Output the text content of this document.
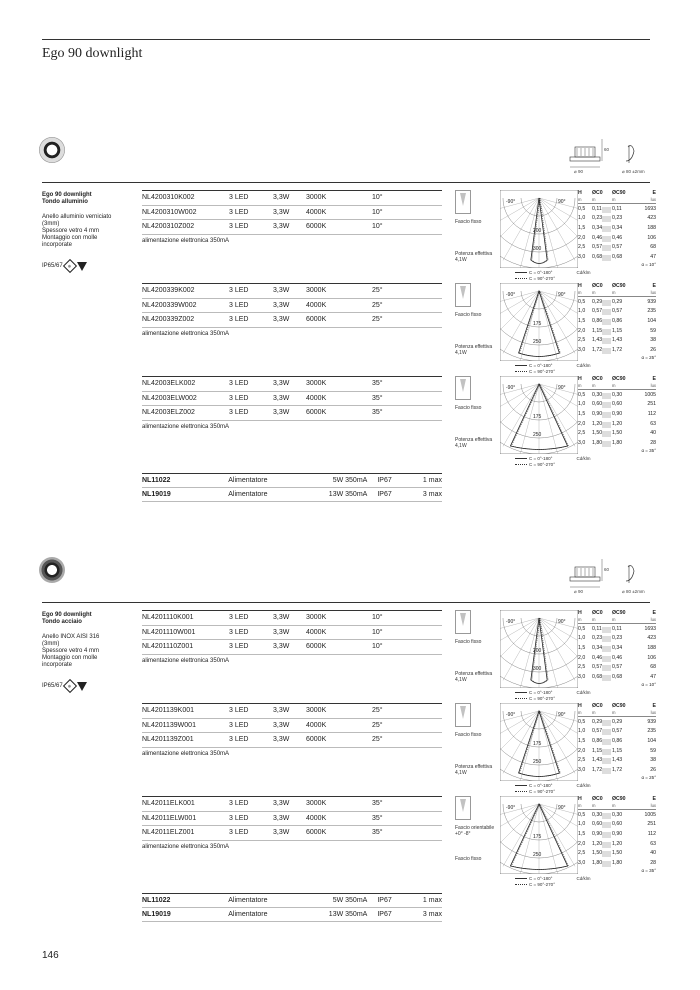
Ego 90 downlight
⌀ 90
60
⌀ 80 ±2mm
Ego 90 downlight
Tondo alluminio
Anello alluminio verniciato
(3mm)
Spessore vetro 4 mm
Montaggio con molle
incorporate
IP65/67 ⊕
NL4200310K002	3 LED	3,3W	3000K	10°
NL4200310W002	3 LED	3,3W	4000K	10°
NL4200310Z002	3 LED	3,3W	6000K	10°
alimentazione elettronica 350mA
Fascio fisso
Potenza effettiva
4,1W
-90°	90°
200
300
C = 0°-180°	Cd/klm
C = 90°-270°
H	ØC0	ØC90	E
m	m	m	lux
0,5	0,11	0,11	1693
1,0	0,23	0,23	423
1,5	0,34	0,34	188
2,0	0,46	0,46	106
2,5	0,57	0,57	68
3,0	0,68	0,68	47
α = 10°
NL4200339K002	3 LED	3,3W	3000K	25°
NL4200339W002	3 LED	3,3W	4000K	25°
NL4200339Z002	3 LED	3,3W	6000K	25°
alimentazione elettronica 350mA
Fascio fisso
Potenza effettiva
4,1W
-90°	90°
175
250
C = 0°-180°	Cd/klm
C = 90°-270°
H	ØC0	ØC90	E
m	m	m	lux
0,5	0,29	0,29	939
1,0	0,57	0,57	235
1,5	0,86	0,86	104
2,0	1,15	1,15	59
2,5	1,43	1,43	38
3,0	1,72	1,72	26
α = 25°
NL42003ELK002	3 LED	3,3W	3000K	35°
NL42003ELW002	3 LED	3,3W	4000K	35°
NL42003ELZ002	3 LED	3,3W	6000K	35°
alimentazione elettronica 350mA
Fascio fisso
Potenza effettiva
4,1W
-90°	90°
175
250
C = 0°-180°	Cd/klm
C = 90°-270°
H	ØC0	ØC90	E
m	m	m	lux
0,5	0,30	0,30	1005
1,0	0,60	0,60	251
1,5	0,90	0,90	112
2,0	1,20	1,20	63
2,5	1,50	1,50	40
3,0	1,80	1,80	28
α = 35°
NL11022	Alimentatore	5W 350mA	IP67	1 max
NL19019	Alimentatore	13W 350mA	IP67	3 max
⌀ 90
60
⌀ 80 ±2mm
Ego 90 downlight
Tondo acciaio
Anello INOX AISI 316
(3mm)
Spessore vetro 4 mm
Montaggio con molle
incorporate
IP65/67 ⊕
NL4201110K001	3 LED	3,3W	3000K	10°
NL4201110W001	3 LED	3,3W	4000K	10°
NL4201110Z001	3 LED	3,3W	6000K	10°
alimentazione elettronica 350mA
Fascio fisso
Potenza effettiva
4,1W
-90°	90°
200
300
C = 0°-180°	Cd/klm
C = 90°-270°
H	ØC0	ØC90	E
m	m	m	lux
0,5	0,11	0,11	1693
1,0	0,23	0,23	423
1,5	0,34	0,34	188
2,0	0,46	0,46	106
2,5	0,57	0,57	68
3,0	0,68	0,68	47
α = 10°
NL4201139K001	3 LED	3,3W	3000K	25°
NL4201139W001	3 LED	3,3W	4000K	25°
NL4201139Z001	3 LED	3,3W	6000K	25°
alimentazione elettronica 350mA
Fascio fisso
Potenza effettiva
4,1W
-90°	90°
175
250
C = 0°-180°	Cd/klm
C = 90°-270°
H	ØC0	ØC90	E
m	m	m	lux
0,5	0,29	0,29	939
1,0	0,57	0,57	235
1,5	0,86	0,86	104
2,0	1,15	1,15	59
2,5	1,43	1,43	38
3,0	1,72	1,72	26
α = 25°
NL42011ELK001	3 LED	3,3W	3000K	35°
NL42011ELW001	3 LED	3,3W	4000K	35°
NL42011ELZ001	3 LED	3,3W	6000K	35°
alimentazione elettronica 350mA
Fascio orientabile
+0° -8°
Fascio fisso
-90°	90°
175
250
C = 0°-180°	Cd/klm
C = 90°-270°
H	ØC0	ØC90	E
m	m	m	lux
0,5	0,30	0,30	1005
1,0	0,60	0,60	251
1,5	0,90	0,90	112
2,0	1,20	1,20	63
2,5	1,50	1,50	40
3,0	1,80	1,80	28
α = 35°
NL11022	Alimentatore	5W 350mA	IP67	1 max
NL19019	Alimentatore	13W 350mA	IP67	3 max
146
